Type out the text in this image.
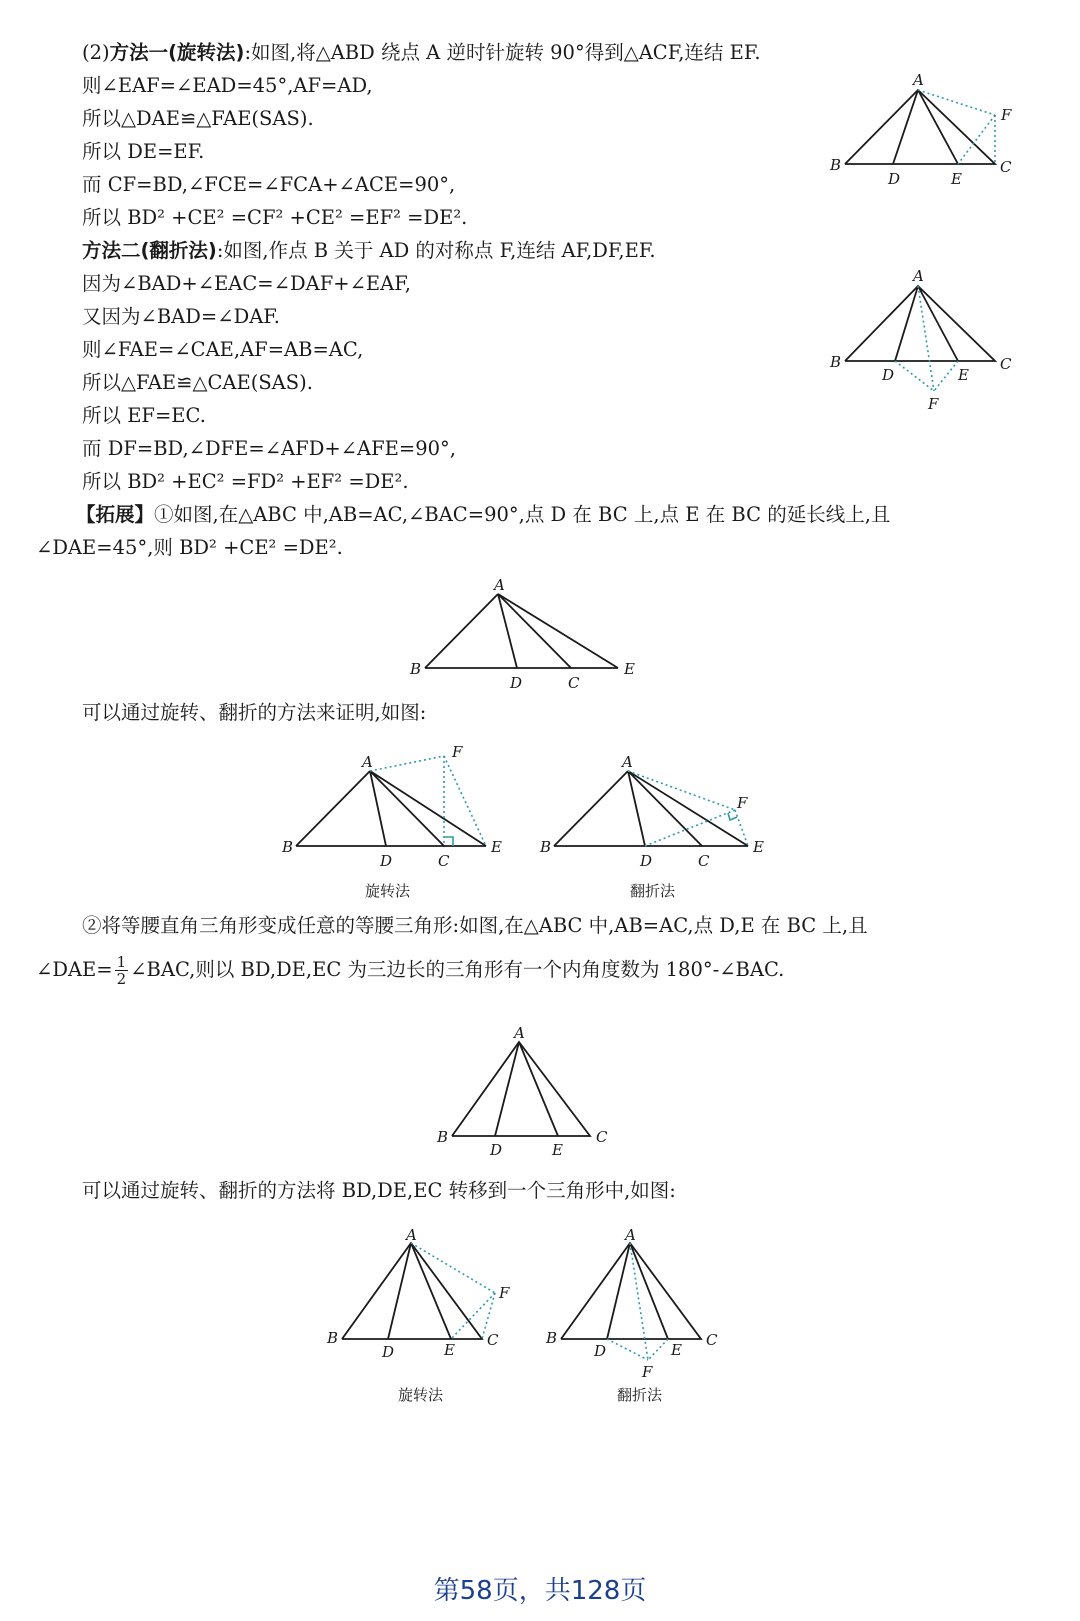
(2)方法一(旋转法):如图,将△ABD 绕点 A 逆时针旋转 90°得到△ACF,连结 EF.
则∠EAF=∠EAD=45°,AF=AD,
所以△DAE≌△FAE(SAS).
所以 DE=EF.
而 CF=BD,∠FCE=∠FCA+∠ACE=90°,
所以 BD² +CE² =CF² +CE² =EF² =DE².
方法二(翻折法):如图,作点 B 关于 AD 的对称点 F,连结 AF,DF,EF.
因为∠BAD+∠EAC=∠DAF+∠EAF,
又因为∠BAD=∠DAF.
则∠FAE=∠CAE,AF=AB=AC,
所以△FAE≌△CAE(SAS).
所以 EF=EC.
而 DF=BD,∠DFE=∠AFD+∠AFE=90°,
所以 BD² +EC² =FD² +EF² =DE².
【拓展】①如图,在△ABC 中,AB=AC,∠BAC=90°,点 D 在 BC 上,点 E 在 BC 的延长线上,且
∠DAE=45°,则 BD² +CE² =DE².
可以通过旋转、翻折的方法来证明,如图:
②将等腰直角三角形变成任意的等腰三角形:如图,在△ABC 中,AB=AC,点 D,E 在 BC 上,且
∠DAE= $\frac{1}{2}$ ∠BAC,则以 BD,DE,EC 为三边长的三角形有一个内角度数为 180°-∠BAC.
可以通过旋转、翻折的方法将 BD,DE,EC 转移到一个三角形中,如图:
A
B
D	E
C
F
A
B
D	E
C
F
A
B
D	C
E
A
B
D	C
E
F
旋转法
A
B
D	C
E
F
翻折法
A
B
D	E
C
A
B
D	E
C
F
旋转法
A
B
D	E
C
F
翻折法
第58页，共128页
